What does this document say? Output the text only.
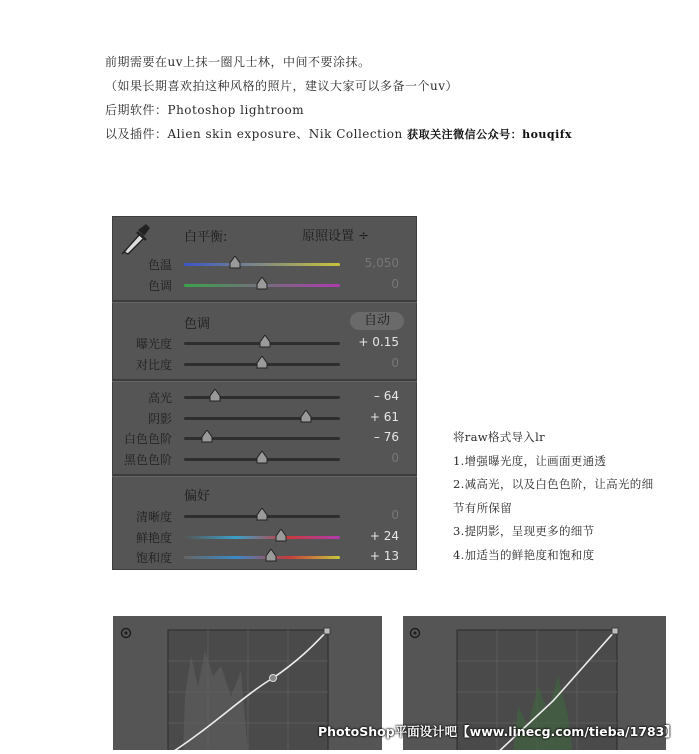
前期需要在uv上抹一圈凡士林，中间不要涂抹。
（如果长期喜欢拍这种风格的照片，建议大家可以多备一个uv）
后期软件：Photoshop lightroom
以及插件：Alien skin exposure、Nik Collection 获取关注微信公众号：houqifx
白平衡:	原照设置 ÷
色温	5,050
色调	0
色调	自动
曝光度	+ 0.15
对比度	0
高光	– 64
阴影	+ 61
白色色阶	– 76
黑色色阶	0
偏好
清晰度	0
鲜艳度	+ 24
饱和度	+ 13
将raw格式导入lr
1.增强曝光度，让画面更通透
2.减高光，以及白色色阶，让高光的细
节有所保留
3.提阴影，呈现更多的细节
4.加适当的鲜艳度和饱和度
PhotoShop平面设计吧【www.linecg.com/tieba/1783】
